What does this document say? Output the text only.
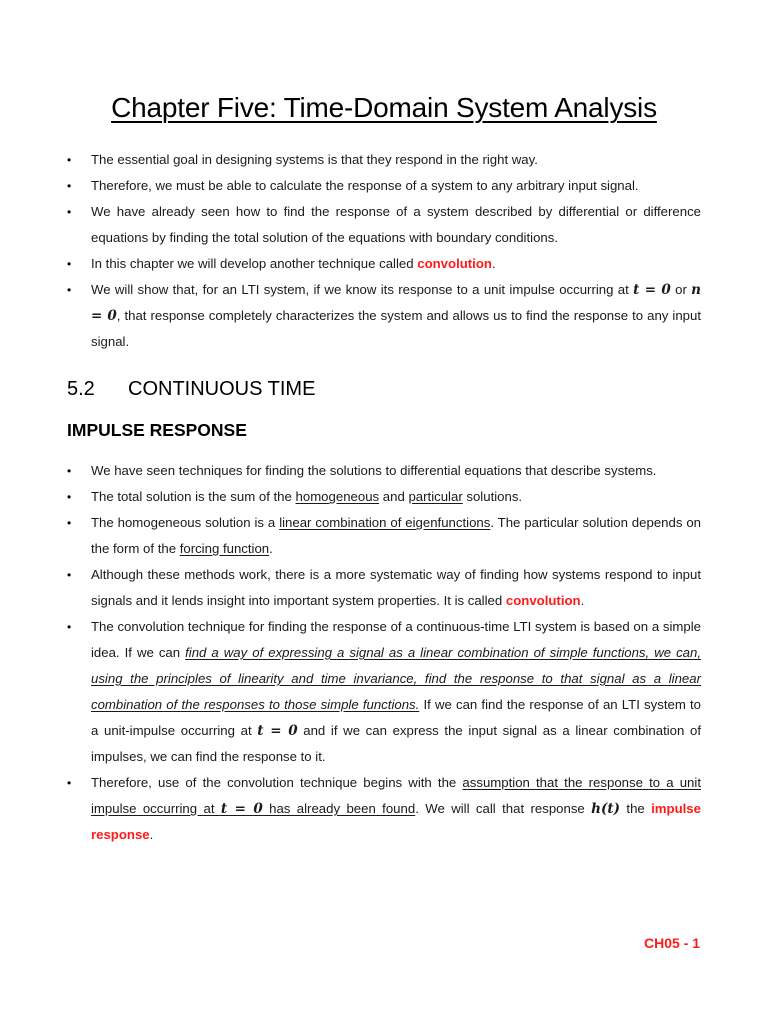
Chapter Five: Time-Domain System Analysis
• The essential goal in designing systems is that they respond in the right way.
• Therefore, we must be able to calculate the response of a system to any arbitrary input signal.
• We have already seen how to find the response of a system described by differential or difference equations by finding the total solution of the equations with boundary conditions.
• In this chapter we will develop another technique called convolution.
• We will show that, for an LTI system, if we know its response to a unit impulse occurring at t = 0 or n = 0, that response completely characterizes the system and allows us to find the response to any input signal.
5.2 CONTINUOUS TIME
IMPULSE RESPONSE
• We have seen techniques for finding the solutions to differential equations that describe systems.
• The total solution is the sum of the homogeneous and particular solutions.
• The homogeneous solution is a linear combination of eigenfunctions. The particular solution depends on the form of the forcing function.
• Although these methods work, there is a more systematic way of finding how systems respond to input signals and it lends insight into important system properties. It is called convolution.
• The convolution technique for finding the response of a continuous-time LTI system is based on a simple idea. If we can find a way of expressing a signal as a linear combination of simple functions, we can, using the principles of linearity and time invariance, find the response to that signal as a linear combination of the responses to those simple functions. If we can find the response of an LTI system to a unit-impulse occurring at t = 0 and if we can express the input signal as a linear combination of impulses, we can find the response to it.
• Therefore, use of the convolution technique begins with the assumption that the response to a unit impulse occurring at t = 0 has already been found. We will call that response h(t) the impulse response.
CH05 - 1
